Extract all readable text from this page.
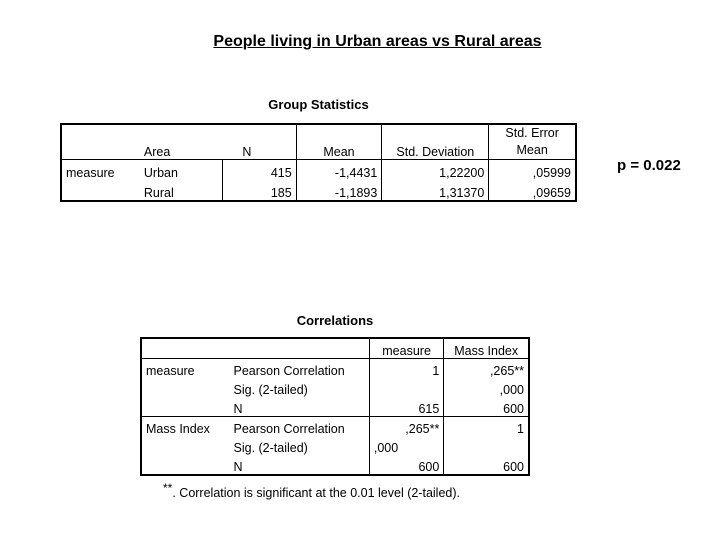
People living in Urban areas vs Rural areas
Group Statistics
	Area	N	Mean	Std. Deviation	Std. Error
Mean

measure	Urban	415	-1,4431	1,22200	,05999
	Rural	185	-1,1893	1,31370	,09659
p = 0.022
Correlations
		measure	Mass Index
measure	Pearson Correlation	1	,265**
	Sig. (2-tailed)		,000
	N	615	600
Mass Index	Pearson Correlation	,265**	1
	Sig. (2-tailed)	,000	
	N	600	600
**. Correlation is significant at the 0.01 level (2-tailed).
